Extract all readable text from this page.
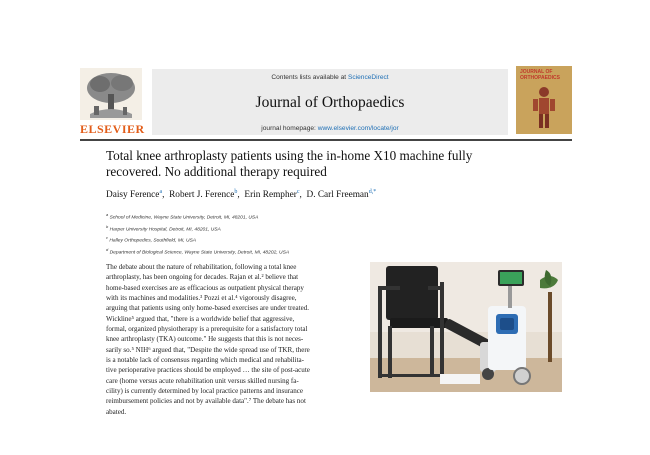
ELSEVIER
Contents lists available at ScienceDirect
Journal of Orthopaedics
journal homepage: www.elsevier.com/locate/jor
JOURNAL OF ORTHOPAEDICS
Total knee arthroplasty patients using the in-home X10 machine fully recovered. No additional therapy required
Daisy Ference$^a$, Robert J. Ference$^b$, Erin Rempher$^c$, D. Carl Freeman$^{d,*}$
$^a$ School of Medicine, Wayne State University, Detroit, MI, 48201, USA
$^b$ Harper University Hospital, Detroit, MI, 48201, USA
$^c$ Halley Orthopedics, Southfield, MI, USA
$^d$ Department of Biological Science, Wayne State University, Detroit, MI, 48202, USA
The debate about the nature of rehabilitation, following a total knee
arthroplasty, has been ongoing for decades. Rajan et al.² believe that
home-based exercises are as efficacious as outpatient physical therapy
with its machines and modalities.³ Pozzi et al.⁴ vigorously disagree,
arguing that patients using only home-based exercises are under treated.
Wickline⁵ argued that, "there is a worldwide belief that aggressive,
formal, organized physiotherapy is a prerequisite for a satisfactory total
knee arthroplasty (TKA) outcome." He suggests that this is not neces-
sarily so.⁵ NIH⁶ argued that, "Despite the wide spread use of TKR, there
is a notable lack of consensus regarding which medical and rehabilita-
tive perioperative practices should be employed … the site of post-acute
care (home versus acute rehabilitation unit versus skilled nursing fa-
cility) is currently determined by local practice patterns and insurance
reimbursement policies and not by available data".⁷ The debate has not
abated.
